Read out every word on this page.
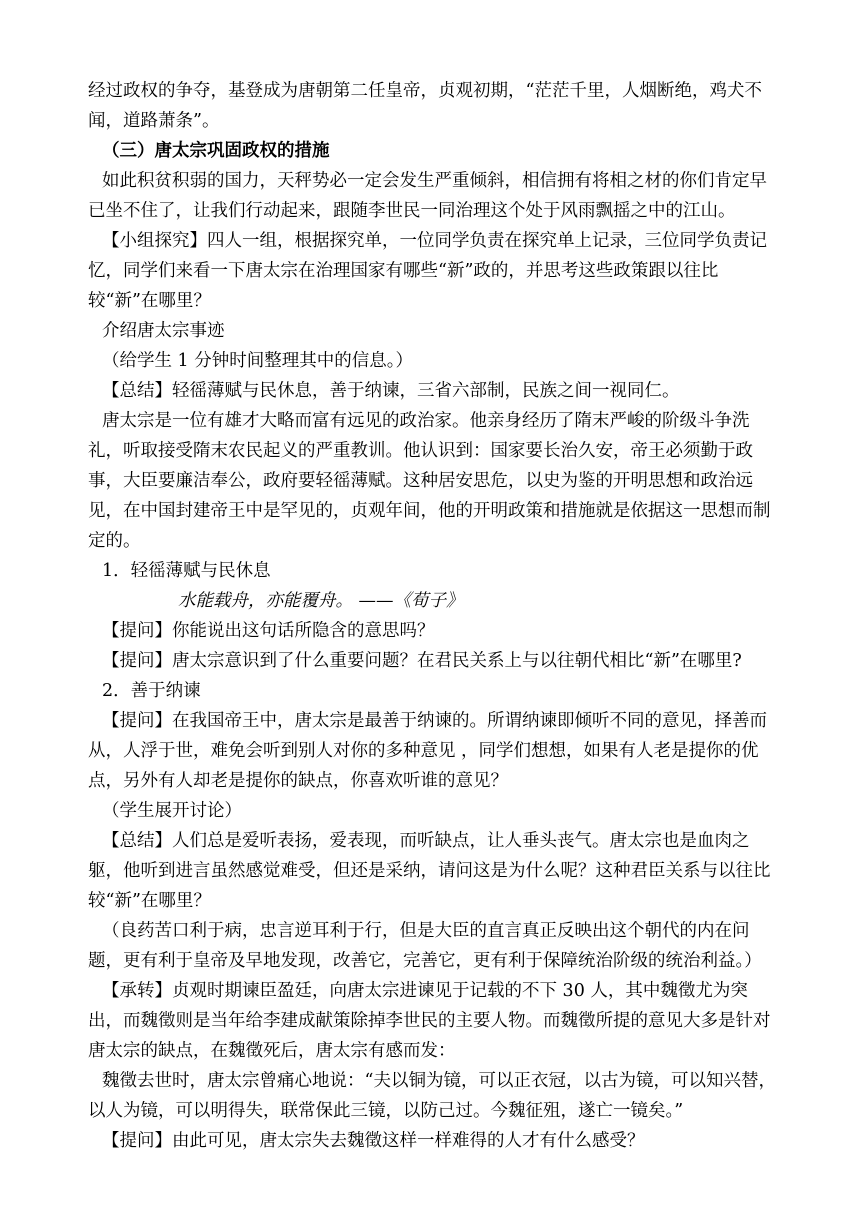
经过政权的争夺，基登成为唐朝第二任皇帝，贞观初期，“茫茫千里，人烟断绝，鸡犬不闻，道路萧条”。

（三）唐太宗巩固政权的措施

如此积贫积弱的国力，天秤势必一定会发生严重倾斜，相信拥有将相之材的你们肯定早已坐不住了，让我们行动起来，跟随李世民一同治理这个处于风雨飘摇之中的江山。

【小组探究】四人一组，根据探究单，一位同学负责在探究单上记录，三位同学负责记忆，同学们来看一下唐太宗在治理国家有哪些“新”政的，并思考这些政策跟以往比较“新”在哪里？

介绍唐太宗事迹

（给学生 1 分钟时间整理其中的信息。）

【总结】轻徭薄赋与民休息，善于纳谏，三省六部制，民族之间一视同仁。

唐太宗是一位有雄才大略而富有远见的政治家。他亲身经历了隋末严峻的阶级斗争洗礼，听取接受隋末农民起义的严重教训。他认识到：国家要长治久安，帝王必须勤于政事，大臣要廉洁奉公，政府要轻徭薄赋。这种居安思危，以史为鉴的开明思想和政治远见，在中国封建帝王中是罕见的，贞观年间，他的开明政策和措施就是依据这一思想而制定的。

1．轻徭薄赋与民休息

水能载舟，亦能覆舟。 ——《荀子》

【提问】你能说出这句话所隐含的意思吗？

【提问】唐太宗意识到了什么重要问题？在君民关系上与以往朝代相比“新”在哪里?

2．善于纳谏

【提问】在我国帝王中，唐太宗是最善于纳谏的。所谓纳谏即倾听不同的意见，择善而从，人浮于世，难免会听到别人对你的多种意见 ，同学们想想，如果有人老是提你的优点，另外有人却老是提你的缺点，你喜欢听谁的意见？

（学生展开讨论）

【总结】人们总是爱听表扬，爱表现，而听缺点，让人垂头丧气。唐太宗也是血肉之躯，他听到进言虽然感觉难受，但还是采纳，请问这是为什么呢？这种君臣关系与以往比较“新”在哪里？

（良药苦口利于病，忠言逆耳利于行，但是大臣的直言真正反映出这个朝代的内在问题，更有利于皇帝及早地发现，改善它，完善它，更有利于保障统治阶级的统治利益。）

【承转】贞观时期谏臣盈廷，向唐太宗进谏见于记载的不下 30 人，其中魏徵尤为突出，而魏徵则是当年给李建成献策除掉李世民的主要人物。而魏徵所提的意见大多是针对唐太宗的缺点，在魏徵死后，唐太宗有感而发：

魏徵去世时，唐太宗曾痛心地说：“夫以铜为镜，可以正衣冠，以古为镜，可以知兴替，以人为镜，可以明得失，联常保此三镜，以防己过。今魏征殂，遂亡一镜矣。”

【提问】由此可见，唐太宗失去魏徵这样一样难得的人才有什么感受？
